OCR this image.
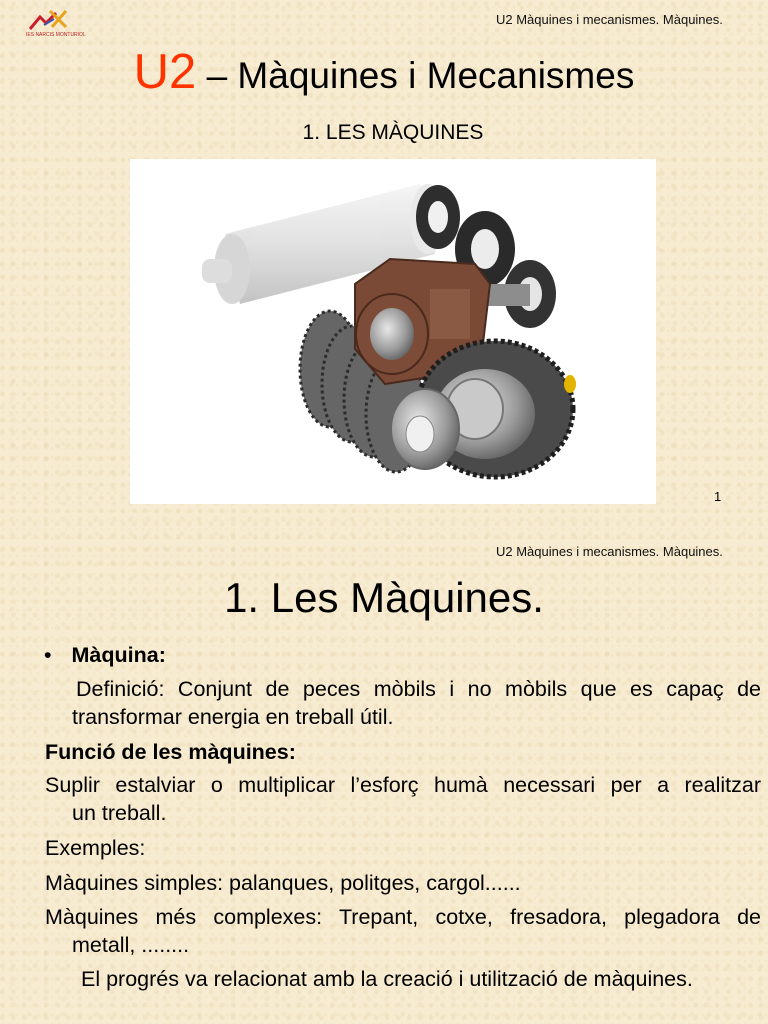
IES NARCIS MONTURIOL
U2 Màquines i mecanismes. Màquines.
U2 – Màquines i Mecanismes
1. LES MÀQUINES
1
U2 Màquines i mecanismes. Màquines.
1. Les Màquines.
• Màquina:
Definició: Conjunt de peces mòbils i no mòbils que es capaç de
transformar energia en treball útil.
Funció de les màquines:
Suplir estalviar o multiplicar l’esforç humà necessari per a realitzar
un treball.
Exemples:
Màquines simples: palanques, politges, cargol......
Màquines més complexes: Trepant, cotxe, fresadora, plegadora de
metall, ........
El progrés va relacionat amb la creació i utilització de màquines.
